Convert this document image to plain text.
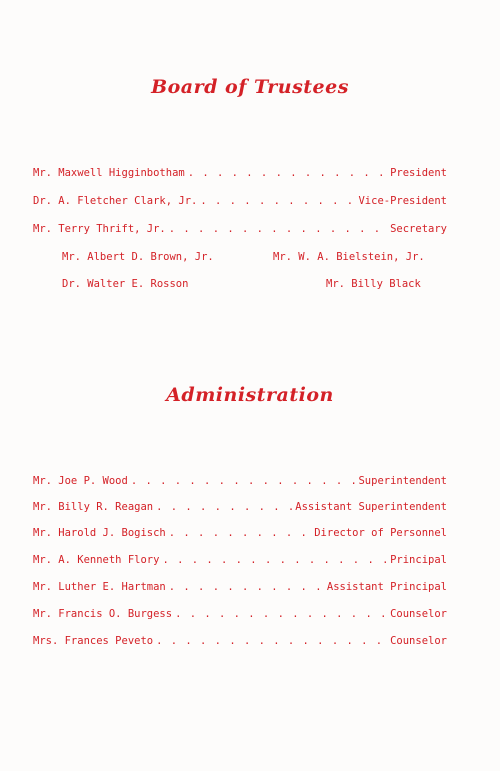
Board of Trustees
Mr. Maxwell Higginbotham . . .	President
Dr. A. Fletcher Clark, Jr. . . .	Vice-President
Mr. Terry Thrift, Jr. . . .	Secretary
Mr. Albert D. Brown, Jr.	Mr. W. A. Bielstein, Jr.
Dr. Walter E. Rosson	Mr. Billy Black
Administration
Mr. Joe P. Wood . . .	Superintendent
Mr. Billy R. Reagan . . .	Assistant Superintendent
Mr. Harold J. Bogisch . . .	Director of Personnel
Mr. A. Kenneth Flory . . .	Principal
Mr. Luther E. Hartman . . .	Assistant Principal
Mr. Francis O. Burgess . . .	Counselor
Mrs. Frances Peveto . . .	Counselor
